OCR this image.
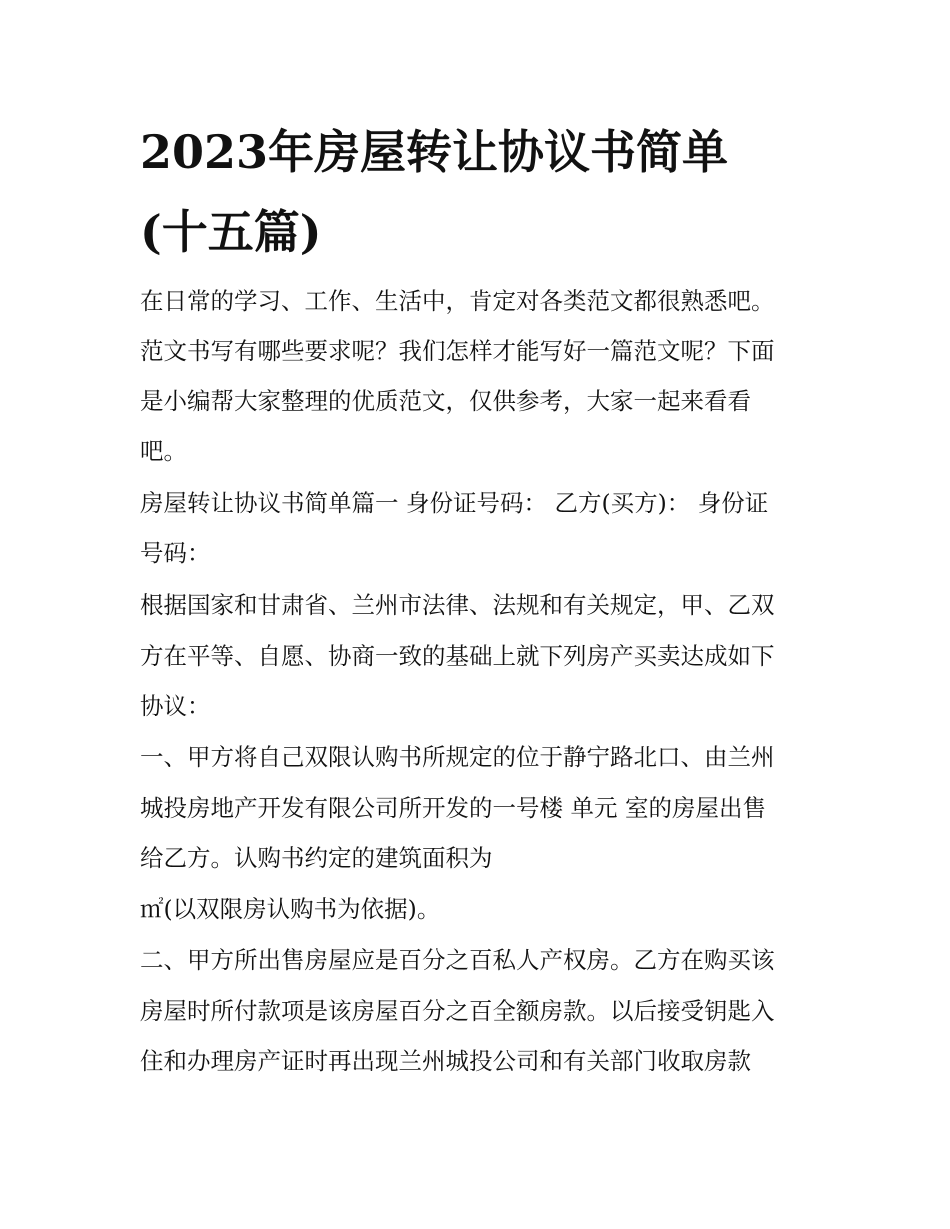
2023年房屋转让协议书简单
(十五篇)

在日常的学习、工作、生活中，肯定对各类范文都很熟悉吧。

范文书写有哪些要求呢？我们怎样才能写好一篇范文呢？下面

是小编帮大家整理的优质范文，仅供参考，大家一起来看看

吧。

房屋转让协议书简单篇一 身份证号码： 乙方(买方)： 身份证

号码：

根据国家和甘肃省、兰州市法律、法规和有关规定，甲、乙双

方在平等、自愿、协商一致的基础上就下列房产买卖达成如下

协议：

一、甲方将自己双限认购书所规定的位于静宁路北口、由兰州

城投房地产开发有限公司所开发的一号楼 单元 室的房屋出售

给乙方。认购书约定的建筑面积为

㎡(以双限房认购书为依据)。

二、甲方所出售房屋应是百分之百私人产权房。乙方在购买该

房屋时所付款项是该房屋百分之百全额房款。以后接受钥匙入

住和办理房产证时再出现兰州城投公司和有关部门收取房款
